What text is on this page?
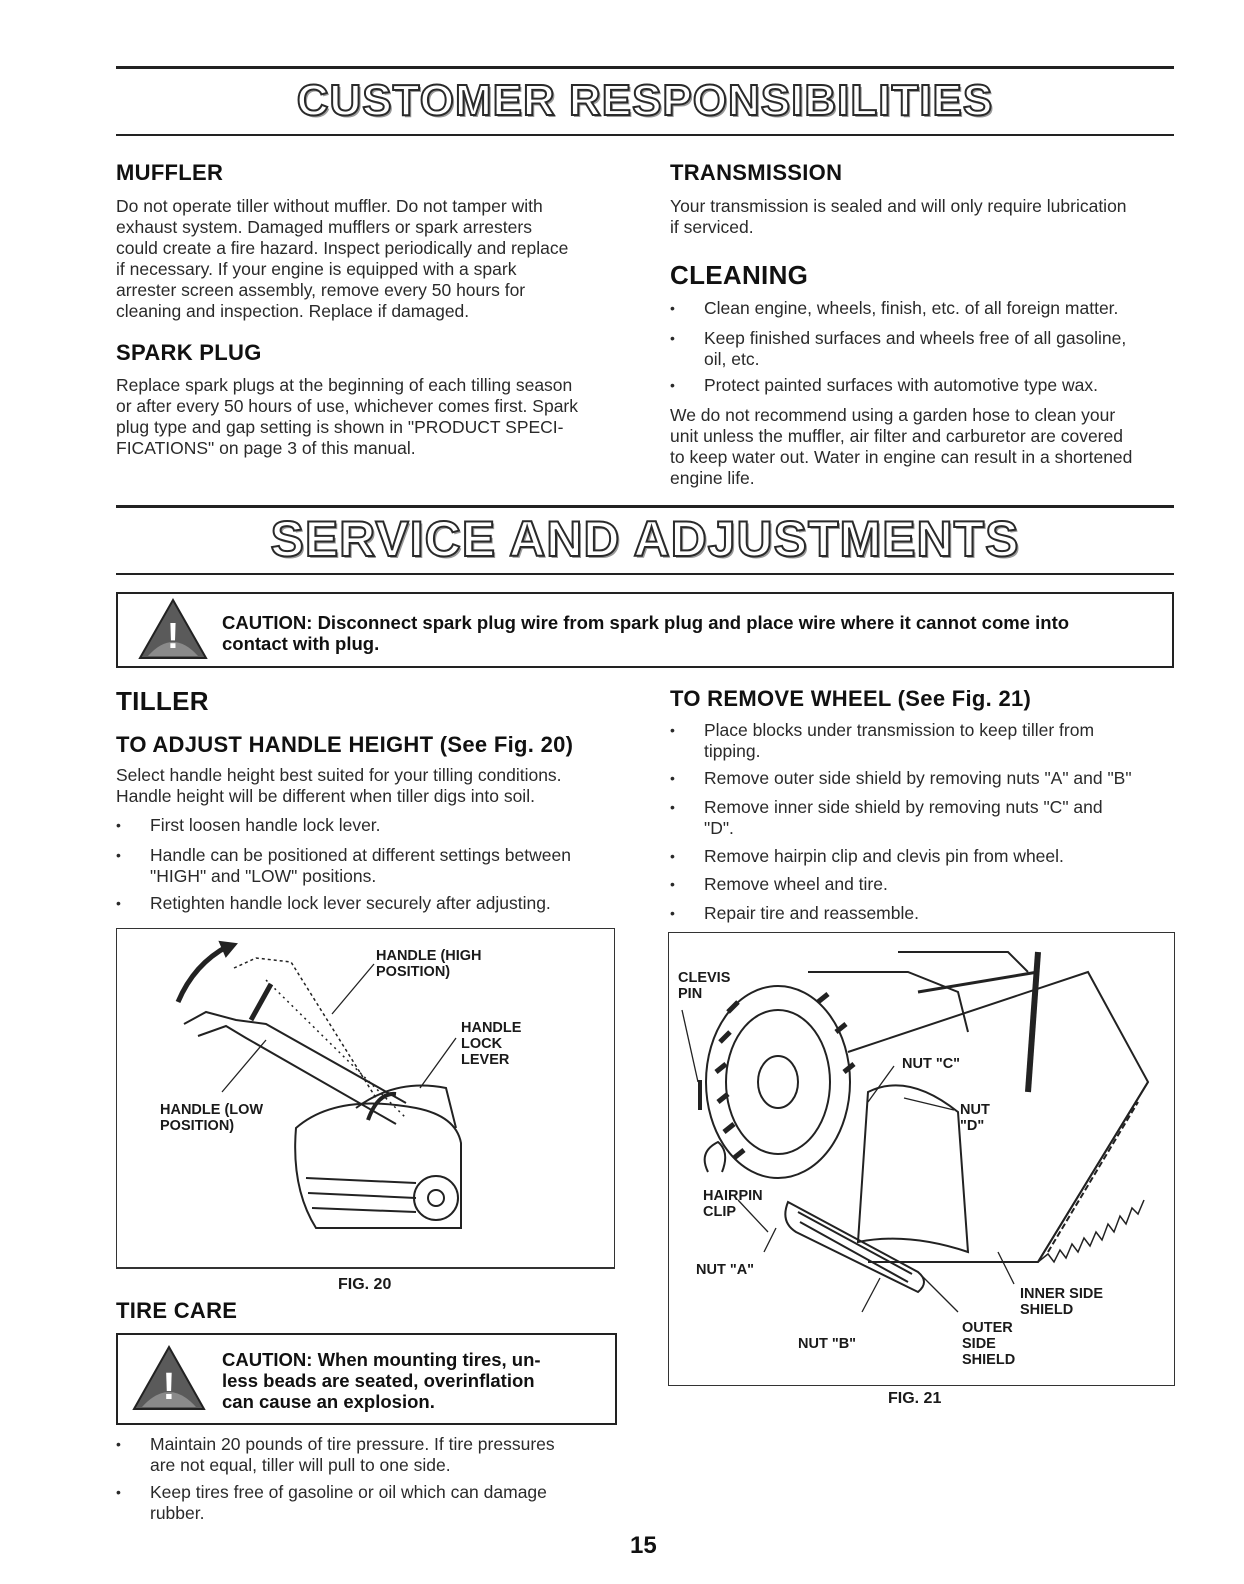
CUSTOMER RESPONSIBILITIES
MUFFLER
Do not operate tiller without muffler. Do not tamper with
exhaust system. Damaged mufflers or spark arresters
could create a fire hazard. Inspect periodically and replace
if necessary. If your engine is equipped with a spark
arrester screen assembly, remove every 50 hours for
cleaning and inspection. Replace if damaged.
SPARK PLUG
Replace spark plugs at the beginning of each tilling season
or after every 50 hours of use, whichever comes first. Spark
plug type and gap setting is shown in "PRODUCT SPECI-
FICATIONS" on page 3 of this manual.
TRANSMISSION
Your transmission is sealed and will only require lubrication
if serviced.
CLEANING
•	Clean engine, wheels, finish, etc. of all foreign matter.
•	Keep finished surfaces and wheels free of all gasoline,
oil, etc.
•	Protect painted surfaces with automotive type wax.
We do not recommend using a garden hose to clean your
unit unless the muffler, air filter and carburetor are covered
to keep water out. Water in engine can result in a shortened
engine life.
SERVICE AND ADJUSTMENTS
! CAUTION: Disconnect spark plug wire from spark plug and place wire where it cannot come into
contact with plug.
TILLER
TO ADJUST HANDLE HEIGHT (See Fig. 20)
Select handle height best suited for your tilling conditions.
Handle height will be different when tiller digs into soil.
•	First loosen handle lock lever.
•	Handle can be positioned at different settings between
"HIGH" and "LOW" positions.
•	Retighten handle lock lever securely after adjusting.
HANDLE (HIGH
POSITION)
HANDLE
LOCK
LEVER
HANDLE (LOW
POSITION)
FIG. 20
TIRE CARE
!
CAUTION: When mounting tires, un-
less beads are seated, overinflation
can cause an explosion.
•	Maintain 20 pounds of tire pressure. If tire pressures
are not equal, tiller will pull to one side.
•	Keep tires free of gasoline or oil which can damage
rubber.
TO REMOVE WHEEL (See Fig. 21)
•	Place blocks under transmission to keep tiller from
tipping.
•	Remove outer side shield by removing nuts "A" and "B"
•	Remove inner side shield by removing nuts "C" and
"D".
•	Remove hairpin clip and clevis pin from wheel.
•	Remove wheel and tire.
•	Repair tire and reassemble.
CLEVIS
PIN
NUT "C"
NUT
"D"
HAIRPIN
CLIP
NUT "A"
NUT "B"
INNER SIDE
SHIELD
OUTER
SIDE
SHIELD
FIG. 21
15
